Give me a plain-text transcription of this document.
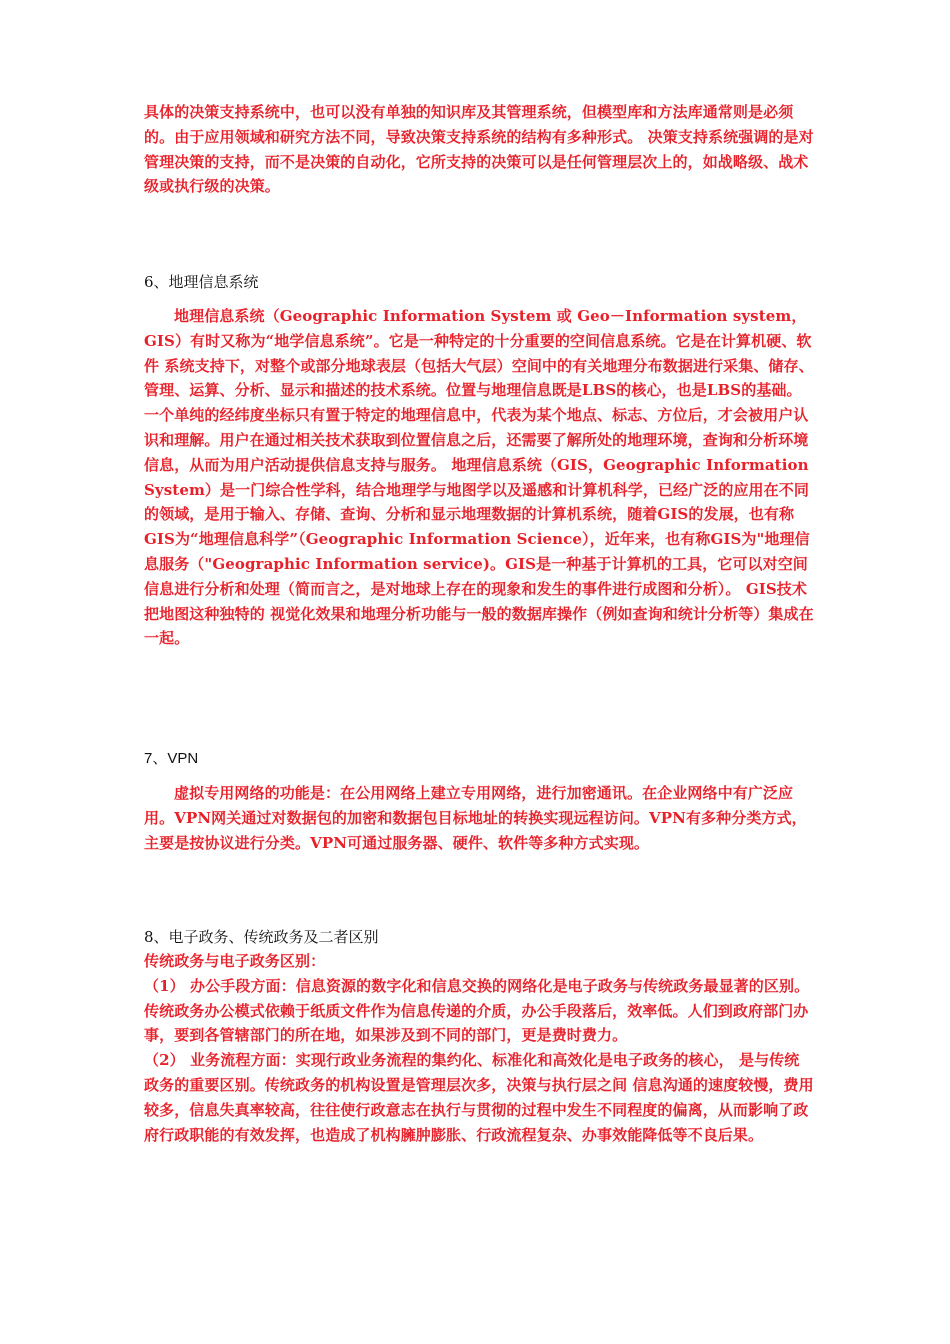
具体的决策支持系统中，也可以没有单独的知识库及其管理系统，但模型库和方法库通常则是必须的。由于应用领域和研究方法不同，导致决策支持系统的结构有多种形式。 决策支持系统强调的是对管理决策的支持，而不是决策的自动化，它所支持的决策可以是任何管理层次上的，如战略级、战术级或执行级的决策。

6、地理信息系统

地理信息系统（Geographic Information System 或 Geo－Information system，GIS）有时又称为“地学信息系统”。它是一种特定的十分重要的空间信息系统。它是在计算机硬、软件 系统支持下，对整个或部分地球表层（包括大气层）空间中的有关地理分布数据进行采集、储存、管理、运算、分析、显示和描述的技术系统。位置与地理信息既是LBS的核心，也是LBS的基础。一个单纯的经纬度坐标只有置于特定的地理信息中，代表为某个地点、标志、方位后，才会被用户认识和理解。用户在通过相关技术获取到位置信息之后，还需要了解所处的地理环境，查询和分析环境信息，从而为用户活动提供信息支持与服务。 地理信息系统（GIS，Geographic Information System）是一门综合性学科，结合地理学与地图学以及遥感和计算机科学，已经广泛的应用在不同的领域，是用于输入、存储、查询、分析和显示地理数据的计算机系统，随着GIS的发展，也有称GIS为“地理信息科学”（Geographic Information Science），近年来，也有称GIS为"地理信息服务（"Geographic Information service)。GIS是一种基于计算机的工具，它可以对空间信息进行分析和处理（简而言之，是对地球上存在的现象和发生的事件进行成图和分析）。 GIS技术把地图这种独特的 视觉化效果和地理分析功能与一般的数据库操作（例如查询和统计分析等）集成在一起。

7、VPN

虚拟专用网络的功能是：在公用网络上建立专用网络，进行加密通讯。在企业网络中有广泛应用。VPN网关通过对数据包的加密和数据包目标地址的转换实现远程访问。VPN有多种分类方式，主要是按协议进行分类。VPN可通过服务器、硬件、软件等多种方式实现。

8、电子政务、传统政务及二者区别

传统政务与电子政务区别：

（1） 办公手段方面：信息资源的数字化和信息交换的网络化是电子政务与传统政务最显著的区别。传统政务办公模式依赖于纸质文件作为信息传递的介质，办公手段落后，效率低。人们到政府部门办事，要到各管辖部门的所在地，如果涉及到不同的部门，更是费时费力。

（2） 业务流程方面：实现行政业务流程的集约化、标准化和高效化是电子政务的核心， 是与传统政务的重要区别。传统政务的机构设置是管理层次多，决策与执行层之间 信息沟通的速度较慢，费用较多，信息失真率较高，往往使行政意志在执行与贯彻的过程中发生不同程度的偏离，从而影响了政府行政职能的有效发挥，也造成了机构臃肿膨胀、行政流程复杂、办事效能降低等不良后果。
